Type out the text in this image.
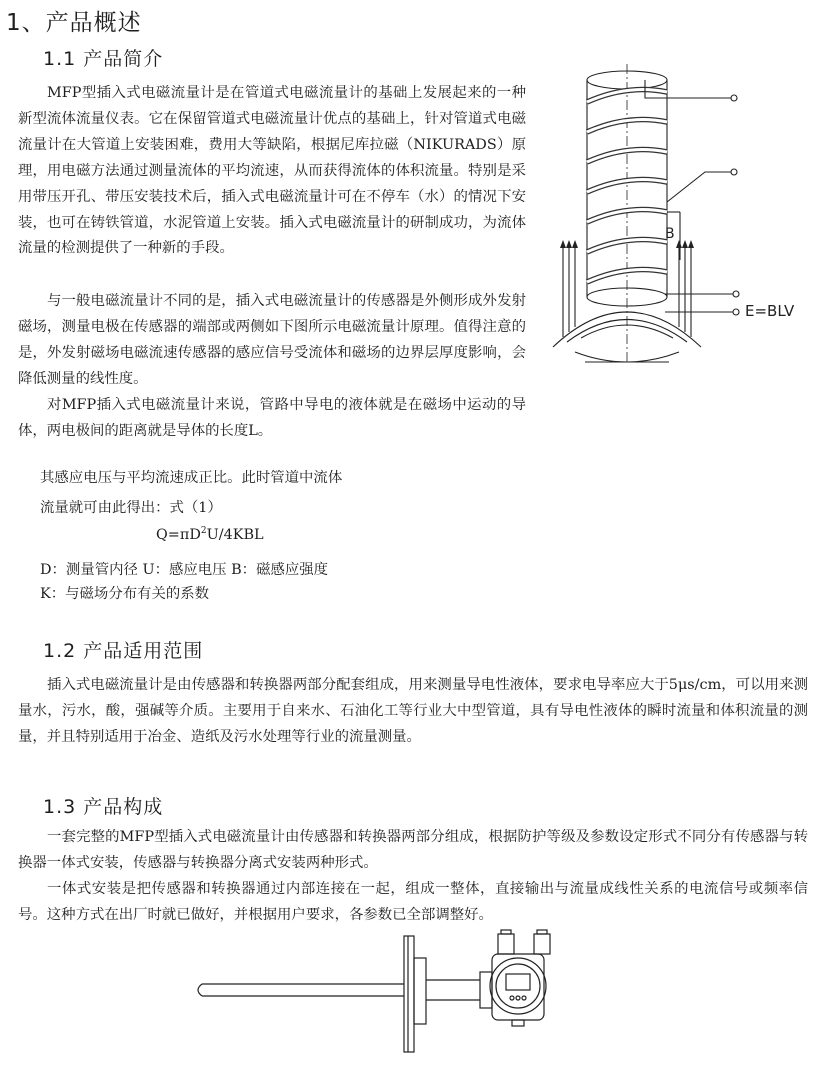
1、产品概述
1.1 产品简介

MFP型插入式电磁流量计是在管道式电磁流量计的基础上发展起来的一种新型流体流量仪表。它在保留管道式电磁流量计优点的基础上，针对管道式电磁流量计在大管道上安装困难，费用大等缺陷，根据尼库拉磁（NIKURADS）原理，用电磁方法通过测量流体的平均流速，从而获得流体的体积流量。特别是采用带压开孔、带压安装技术后，插入式电磁流量计可在不停车（水）的情况下安装，也可在铸铁管道，水泥管道上安装。插入式电磁流量计的研制成功，为流体流量的检测提供了一种新的手段。

与一般电磁流量计不同的是，插入式电磁流量计的传感器是外侧形成外发射磁场，测量电极在传感器的端部或两侧如下图所示电磁流量计原理。值得注意的是，外发射磁场电磁流速传感器的感应信号受流体和磁场的边界层厚度影响，会降低测量的线性度。

对MFP插入式电磁流量计来说，管路中导电的液体就是在磁场中运动的导体，两电极间的距离就是导体的长度L。

其感应电压与平均流速成正比。此时管道中流体

流量就可由此得出：式（1）

$Q=\pi D^2U/4KBL$

D：测量管内径 U：感应电压 B：磁感应强度

K：与磁场分布有关的系数

B
E=BLV
1.2 产品适用范围

插入式电磁流量计是由传感器和转换器两部分配套组成，用来测量导电性液体，要求电导率应大于5μs/cm，可以用来测量水，污水，酸，强碱等介质。主要用于自来水、石油化工等行业大中型管道，具有导电性液体的瞬时流量和体积流量的测量，并且特别适用于冶金、造纸及污水处理等行业的流量测量。

1.3 产品构成

一套完整的MFP型插入式电磁流量计由传感器和转换器两部分组成，根据防护等级及参数设定形式不同分有传感器与转换器一体式安装，传感器与转换器分离式安装两种形式。

一体式安装是把传感器和转换器通过内部连接在一起，组成一整体，直接输出与流量成线性关系的电流信号或频率信号。这种方式在出厂时就已做好，并根据用户要求，各参数已全部调整好。
